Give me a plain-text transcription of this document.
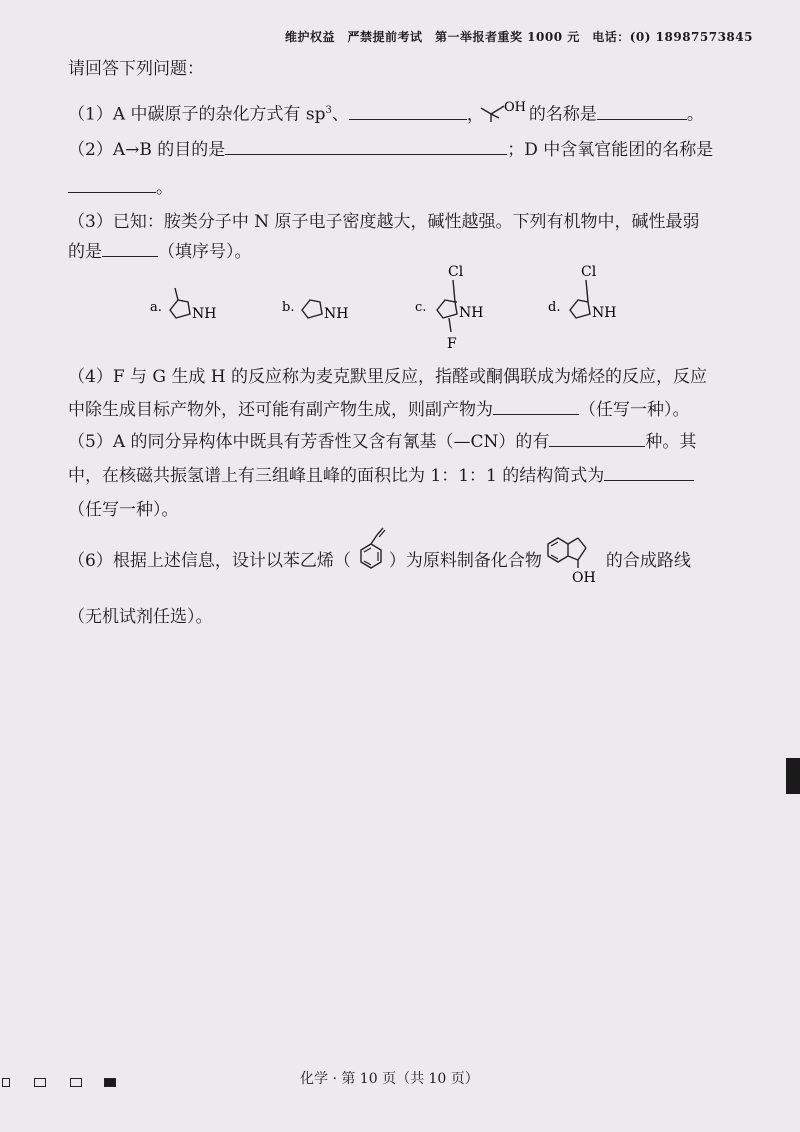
维护权益　严禁提前考试　第一举报者重奖 1000 元　电话：(0) 18987573845
请回答下列问题：
（1）A 中碳原子的杂化方式有 $sp^3$、	， OH 的名称是	。
（2）A→B 的目的是	；D 中含氧官能团的名称是
。
（3）已知：胺类分子中 N 原子电子密度越大，碱性越强。下列有机物中，碱性最弱
的是	（填序号）。
a. NH	b. NH	c.
Cl
NH
F
d.
Cl
NH
（4）F 与 G 生成 H 的反应称为麦克默里反应，指醛或酮偶联成为烯烃的反应，反应
中除生成目标产物外，还可能有副产物生成，则副产物为	（任写一种）。
（5）A 的同分异构体中既具有芳香性又含有氰基（—CN）的有	种。其
中，在核磁共振氢谱上有三组峰且峰的面积比为 1：1：1 的结构简式为
（任写一种）。
（6）根据上述信息，设计以苯乙烯（ ）为原料制备化合物
OH
的合成路线
（无机试剂任选）。
化学 · 第 10 页（共 10 页）
